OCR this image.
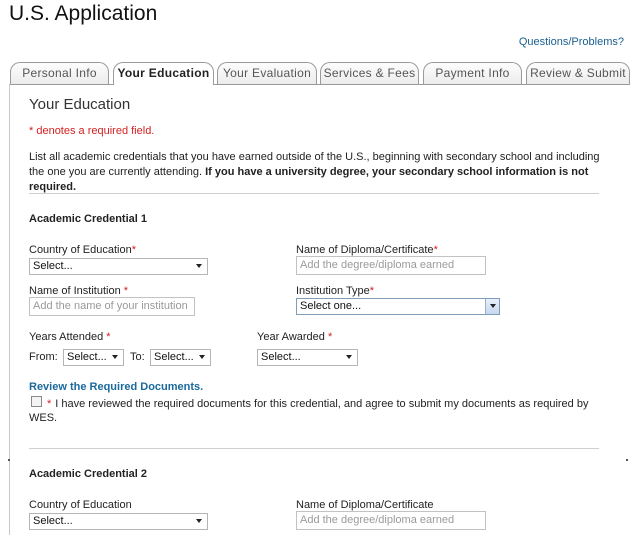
U.S. Application
Questions/Problems?
Personal Info	Your Education	Your Evaluation	Services & Fees	Payment Info	Review & Submit
Your Education
* denotes a required field.
List all academic credentials that you have earned outside of the U.S., beginning with secondary school and including the one you are currently attending. If you have a university degree, your secondary school information is not required.
Academic Credential 1
Country of Education*
Select...
Name of Diploma/Certificate*
Add the degree/diploma earned
Name of Institution *
Add the name of your institution
Institution Type*
Select one...
Years Attended *
From: Select...	To: Select...
Year Awarded *
Select...
Review the Required Documents.
* I have reviewed the required documents for this credential, and agree to submit my documents as required by WES.
Academic Credential 2
Country of Education
Select...
Name of Diploma/Certificate
Add the degree/diploma earned
